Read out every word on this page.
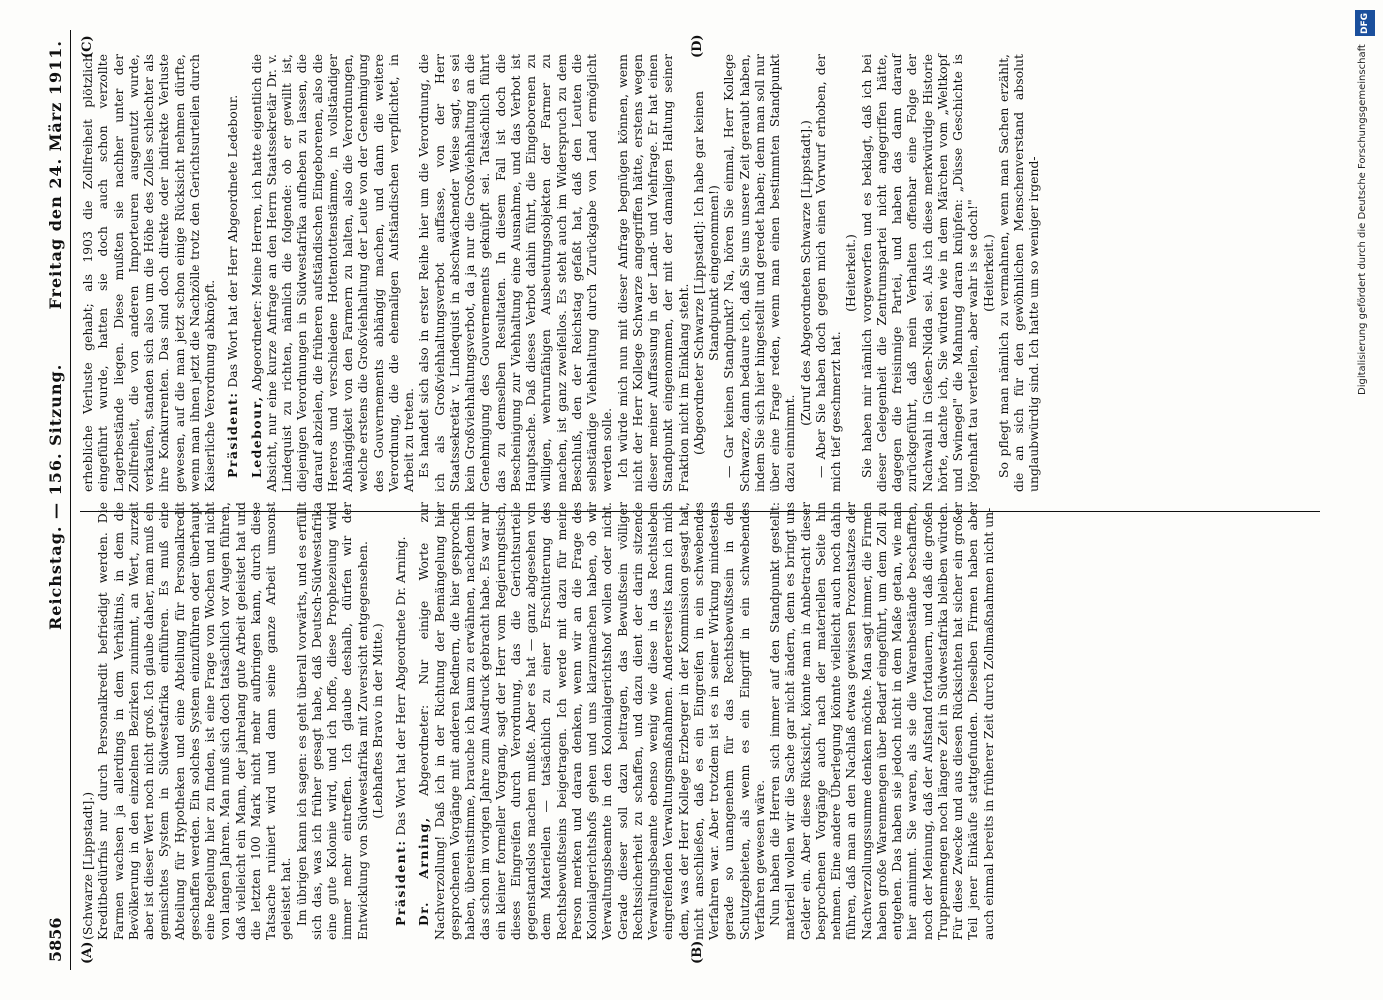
5856
Reichstag. — 156. Sitzung.
Freitag den 24. März 1911.
(A)	(B)
(C)	(D)

(Schwarze [Lippstadt].) Kreditbedürfnis nur durch Personalkredit befriedigt werden. Die Farmen wachsen ja allerdings in dem Verhältnis, in dem die Bevölkerung in den einzelnen Bezirken zunimmt, an Wert, zurzeit aber ist dieser Wert noch nicht groß. Ich glaube daher, man muß ein gemischtes System in Südwestafrika einführen. Es muß eine Abteilung für Hypotheken und eine Abteilung für Personalkredit geschaffen werden. Ein solches System einzuführen oder überhaupt eine Regelung hier zu finden, ist eine Frage von Wochen und nicht von langen Jahren. Man muß sich doch tatsächlich vor Augen führen, daß vielleicht ein Mann, der jahrelang gute Arbeit geleistet hat und die letzten 100 Mark nicht mehr aufbringen kann, durch diese Tatsache ruiniert wird und dann seine ganze Arbeit umsonst geleistet hat. Im übrigen kann ich sagen: es geht überall vorwärts, und es erfüllt sich das, was ich früher gesagt habe, daß Deutsch-Südwestafrika eine gute Kolonie wird, und ich hoffe, diese Prophezeiung wird immer mehr eintreffen. Ich glaube deshalb, dürfen wir der Entwicklung von Südwestafrika mit Zuversicht entgegensehen. (Lebhaftes Bravo in der Mitte.)

Präsident: Das Wort hat der Herr Abgeordnete Dr. Arning.

Dr. Arning, Abgeordneter: Nur einige Worte zur Nachverzollung! Daß ich in der Richtung der Bemängelung hier gesprochenen Vorgänge mit anderen Rednern, die hier gesprochen haben, übereinstimme, brauche ich kaum zu erwähnen, nachdem ich das schon im vorigen Jahre zum Ausdruck gebracht habe. Es war nur ein kleiner formeller Vorgang, sagt der Herr vom Regierungstisch, dieses Eingreifen durch Verordnung, das die Gerichtsurteile gegenstandslos machen mußte. Aber es hat — ganz abgesehen von dem Materiellen — tatsächlich zu einer Erschütterung des Rechtsbewußtseins beigetragen. Ich werde mit dazu für meine Person merken und daran denken, wenn wir an die Frage des Kolonialgerichtshofs gehen und uns klarzumachen haben, ob wir Verwaltungsbeamte in den Kolonialgerichtshof wollen oder nicht. Gerade dieser soll dazu beitragen, das Bewußtsein völliger Rechtssicherheit zu schaffen, und dazu dient der darin sitzende Verwaltungsbeamte ebenso wenig wie diese in das Rechtsleben eingreifenden Verwaltungsmaßnahmen. Andererseits kann ich mich dem, was der Herr Kollege Erzberger in der Kommission gesagt hat, nicht anschließen, daß es ein Eingreifen in ein schwebendes Verfahren war. Aber trotzdem ist es in seiner Wirkung mindestens gerade so unangenehm für das Rechtsbewußtsein in den Schutzgebieten, als wenn es ein Eingriff in ein schwebendes Verfahren gewesen wäre. Nun haben die Herren sich immer auf den Standpunkt gestellt: materiell wollen wir die Sache gar nicht ändern, denn es bringt uns Gelder ein. Aber diese Rücksicht, könnte man in Anbetracht dieser besprochenen Vorgänge auch nach der materiellen Seite hin nehmen. Eine andere Überlegung könnte vielleicht auch noch dahin führen, daß man an den Nachlaß etwas gewissen Prozentsatzes der Nachverzollungssumme denken möchte. Man sagt immer, die Firmen haben große Warenmengen über Bedarf eingeführt, um dem Zoll zu entgehen. Das haben sie jedoch nicht in dem Maße getan, wie man hier annimmt. Sie waren, als sie die Warenbestände beschafften, noch der Meinung, daß der Aufstand fortdauern, und daß die großen Truppenmengen noch längere Zeit in Südwestafrika bleiben würden. Für diese Zwecke und aus diesen Rücksichten hat sicher ein großer Teil jener Einkäufe stattgefunden. Dieselben Firmen haben aber auch einmal bereits in früherer Zeit durch Zollmaßnahmen nicht un-

erhebliche Verluste gehabt; als 1903 die Zollfreiheit plötzlich eingeführt wurde, hatten sie doch auch schon verzollte Lagerbestände liegen. Diese mußten sie nachher unter der Zollfreiheit, die von anderen Importeuren ausgenutzt wurde, verkaufen, standen sich also um die Höhe des Zolles schlechter als ihre Konkurrenten. Das sind doch direkte oder indirekte Verluste gewesen, auf die man jetzt schon einige Rücksicht nehmen dürfte, wenn man ihnen jetzt die Nachzölle trotz den Gerichtsurteilen durch Kaiserliche Verordnung abknöpft. Präsident: Das Wort hat der Herr Abgeordnete Ledebour.

Ledebour, Abgeordneter: Meine Herren, ich hatte eigentlich die Absicht, nur eine kurze Anfrage an den Herrn Staatssekretär Dr. v. Lindequist zu richten, nämlich die folgende: ob er gewillt ist, diejenigen Verordnungen in Südwestafrika aufheben zu lassen, die darauf abzielen, die früheren aufständischen Eingeborenen, also die Hereros und verschiedene Hottentottenstämme, in vollständiger Abhängigkeit von den Farmern zu halten, also die Verordnungen, welche erstens die Großviehhaltung der Leute von der Genehmigung des Gouvernements abhängig machen, und dann die weitere Verordnung, die die ehemaligen Aufständischen verpflichtet, in Arbeit zu treten. Es handelt sich also in erster Reihe hier um die Verordnung, die ich als Großviehhaltungsverbot auffasse, von der Herr Staatssekretär v. Lindequist in abschwächender Weise sagt, es sei kein Großviehhaltungsverbot, da ja nur die Großviehhaltung an die Genehmigung des Gouvernements geknüpft sei. Tatsächlich führt das zu demselben Resultaten. In diesem Fall ist doch die Bescheinigung zur Viehhaltung eine Ausnahme, und das Verbot ist Hauptsache. Daß dieses Verbot dahin führt, die Eingeborenen zu willigen, wehrunfähigen Ausbeutungsobjekten der Farmer zu machen, ist ganz zweifellos. Es steht auch im Widerspruch zu dem Beschluß, den der Reichstag gefaßt hat, daß den Leuten die selbständige Viehhaltung durch Zurückgabe von Land ermöglicht werden solle. Ich würde mich nun mit dieser Anfrage begnügen können, wenn nicht der Herr Kollege Schwarze angegriffen hätte, erstens wegen dieser meiner Auffassung in der Land- und Viehfrage. Er hat einen Standpunkt eingenommen, der mit der damaligen Haltung seiner Fraktion nicht im Einklang steht. (Abgeordneter Schwarze [Lippstadt]: Ich habe gar keinen Standpunkt eingenommen!) — Gar keinen Standpunkt? Na, hören Sie einmal, Herr Kollege Schwarze, dann bedaure ich, daß Sie uns unsere Zeit geraubt haben, indem Sie sich hier hingestellt und geredet haben; denn man soll nur über eine Frage reden, wenn man einen bestimmten Standpunkt dazu einnimmt.

(Zuruf des Abgeordneten Schwarze [Lippstadt].) — Aber Sie haben doch gegen mich einen Vorwurf erhoben, der mich tief geschmerzt hat.

(Heiterkeit.) Sie haben mir nämlich vorgeworfen und es beklagt, daß ich bei dieser Gelegenheit die Zentrumspartei nicht angegriffen hätte, dagegen die freisinnige Partei, und haben das dann darauf zurückgeführt, daß mein Verhalten offenbar eine Folge der Nachwahl in Gießen-Nidda sei. Als ich diese merkwürdige Historie hörte, dachte ich, Sie würden wie in dem Märchen vom „Weltkopf und Swinegel" die Mahnung daran knüpfen: „Düsse Geschichte is lögenhaft tau vertellen, aber wahr is se doch!" (Heiterkeit.) So pflegt man nämlich zu vermahnen, wenn man Sachen erzählt, die an sich für den gewöhnlichen Menschenverstand absolut unglaubwürdig sind. Ich hatte um so weniger irgend-

DFG
Digitalisierung gefördert durch die Deutsche Forschungsgemeinschaft
